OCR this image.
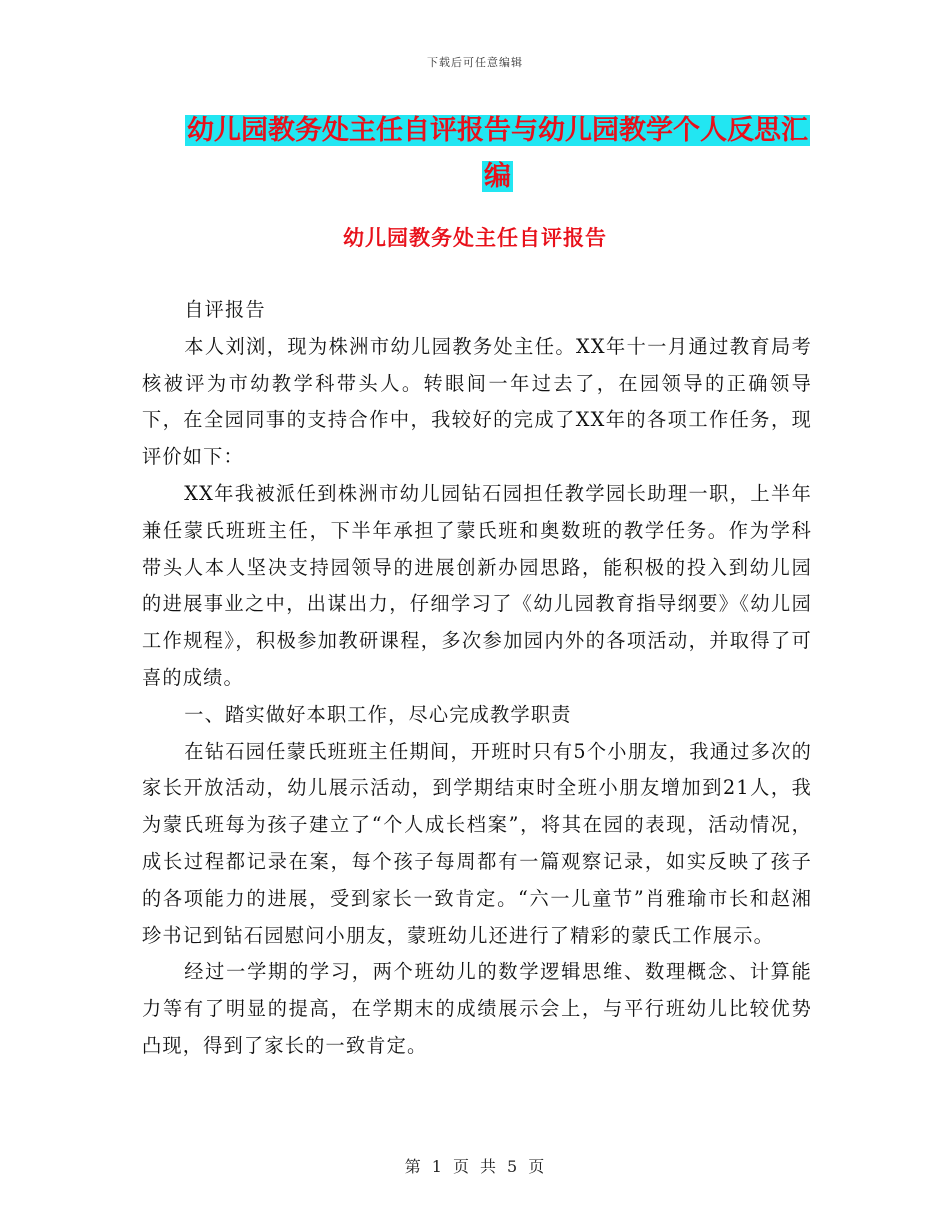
下载后可任意编辑
幼儿园教务处主任自评报告与幼儿园教学个人反思汇
编
幼儿园教务处主任自评报告

自评报告

本人刘浏，现为株洲市幼儿园教务处主任。XX年十一月通过教育局考核被评为市幼教学科带头人。转眼间一年过去了，在园领导的正确领导下，在全园同事的支持合作中，我较好的完成了XX年的各项工作任务，现评价如下：

XX年我被派任到株洲市幼儿园钻石园担任教学园长助理一职，上半年兼任蒙氏班班主任，下半年承担了蒙氏班和奥数班的教学任务。作为学科带头人本人坚决支持园领导的进展创新办园思路，能积极的投入到幼儿园的进展事业之中，出谋出力，仔细学习了《幼儿园教育指导纲要》《幼儿园工作规程》，积极参加教研课程，多次参加园内外的各项活动，并取得了可喜的成绩。

一、踏实做好本职工作，尽心完成教学职责

在钻石园任蒙氏班班主任期间，开班时只有5个小朋友，我通过多次的家长开放活动，幼儿展示活动，到学期结束时全班小朋友增加到21人，我为蒙氏班每为孩子建立了“个人成长档案”，将其在园的表现，活动情况，成长过程都记录在案，每个孩子每周都有一篇观察记录，如实反映了孩子的各项能力的进展，受到家长一致肯定。“六一儿童节”肖雅瑜市长和赵湘珍书记到钻石园慰问小朋友，蒙班幼儿还进行了精彩的蒙氏工作展示。

经过一学期的学习，两个班幼儿的数学逻辑思维、数理概念、计算能力等有了明显的提高，在学期末的成绩展示会上，与平行班幼儿比较优势凸现，得到了家长的一致肯定。

第 1 页 共 5 页
